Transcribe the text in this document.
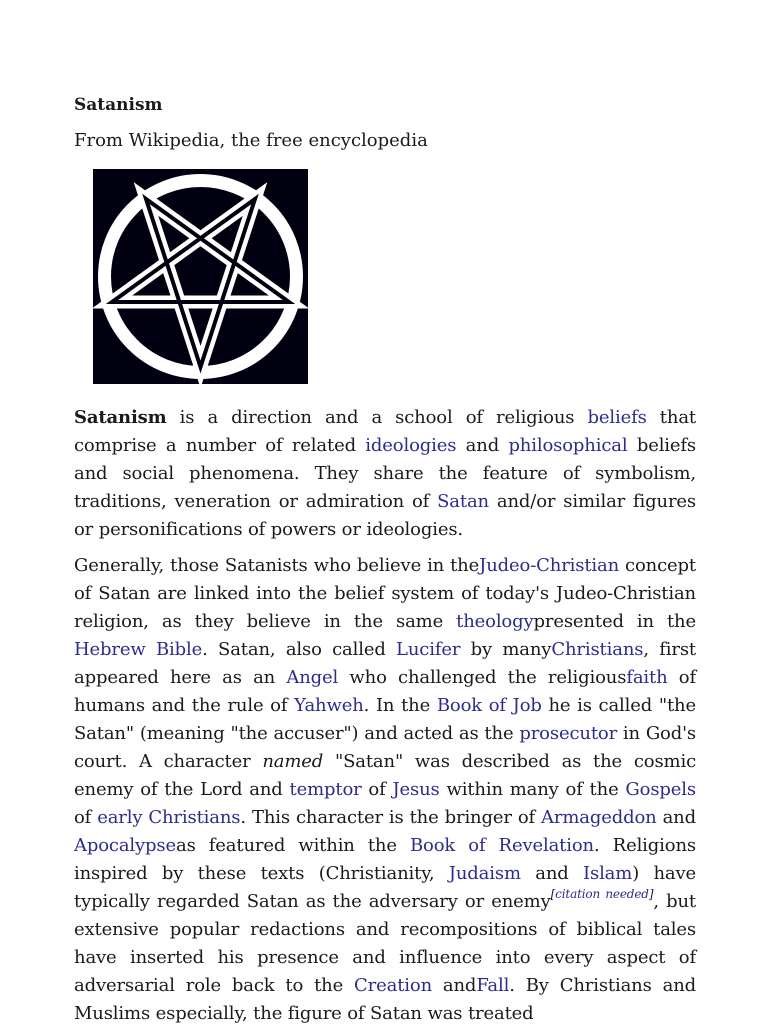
Satanism
From Wikipedia, the free encyclopedia

Satanism is a direction and a school of religious beliefs that comprise a number of related ideologies and philosophical beliefs and social phenomena. They share the feature of symbolism, traditions, veneration or admiration of Satan and/or similar figures or personifications of powers or ideologies.

Generally, those Satanists who believe in theJudeo-Christian concept of Satan are linked into the belief system of today's Judeo-Christian religion, as they believe in the same theologypresented in the Hebrew Bible. Satan, also called Lucifer by manyChristians, first appeared here as an Angel who challenged the religiousfaith of humans and the rule of Yahweh. In the Book of Job he is called "the Satan" (meaning "the accuser") and acted as the prosecutor in God's court. A character named "Satan" was described as the cosmic enemy of the Lord and temptor of Jesus within many of the Gospels of early Christians. This character is the bringer of Armageddon and Apocalypseas featured within the Book of Revelation. Religions inspired by these texts (Christianity, Judaism and Islam) have typically regarded Satan as the adversary or enemy[citation needed], but extensive popular redactions and recompositions of biblical tales have inserted his presence and influence into every aspect of adversarial role back to the Creation andFall. By Christians and Muslims especially, the figure of Satan was treated
